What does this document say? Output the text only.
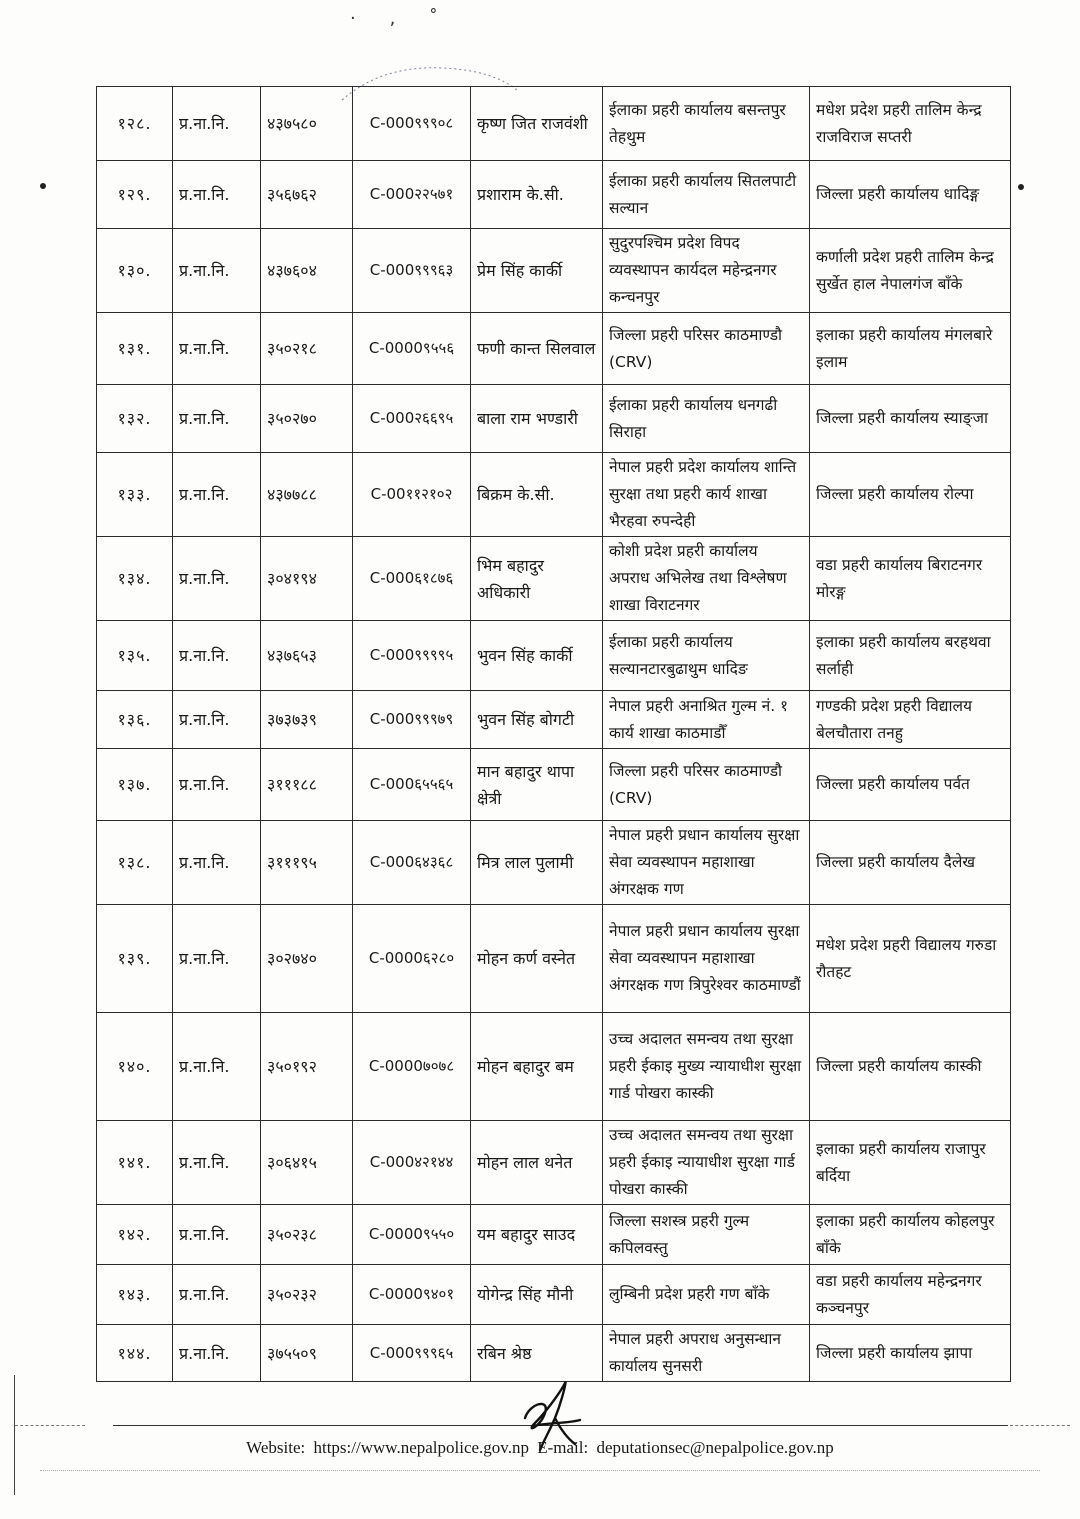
· ‚ ˚
१२८.	प्र.ना.नि.	४३७५८०	C-000९९९०८	कृष्ण जित राजवंशी	ईलाका प्रहरी कार्यालय बसन्तपुर तेहथुम	मधेश प्रदेश प्रहरी तालिम केन्द्र राजविराज सप्तरी
१२९.	प्र.ना.नि.	३५६७६२	C-000२२५७१	प्रशाराम के.सी.	ईलाका प्रहरी कार्यालय सितलपाटी सल्यान	जिल्ला प्रहरी कार्यालय धादिङ्ग
१३०.	प्र.ना.नि.	४३७६०४	C-000९९९६३	प्रेम सिंह कार्की	सुदुरपश्चिम प्रदेश विपद व्यवस्थापन कार्यदल महेन्द्रनगर कन्चनपुर	कर्णाली प्रदेश प्रहरी तालिम केन्द्र सुर्खेत हाल नेपालगंज बाँके
१३१.	प्र.ना.नि.	३५०२१८	C-0000९५५६	फणी कान्त सिलवाल	जिल्ला प्रहरी परिसर काठमाण्डौ (CRV)	इलाका प्रहरी कार्यालय मंगलबारे इलाम
१३२.	प्र.ना.नि.	३५०२७०	C-000२६६९५	बाला राम भण्डारी	ईलाका प्रहरी कार्यालय धनगढी सिराहा	जिल्ला प्रहरी कार्यालय स्याङ्जा
१३३.	प्र.ना.नि.	४३७७८८	C-00११२१०२	बिक्रम के.सी.	नेपाल प्रहरी प्रदेश कार्यालय शान्ति सुरक्षा तथा प्रहरी कार्य शाखा भैरहवा रुपन्देही	जिल्ला प्रहरी कार्यालय रोल्पा
१३४.	प्र.ना.नि.	३०४१९४	C-000६१८७६	भिम बहादुर अधिकारी	कोशी प्रदेश प्रहरी कार्यालय अपराध अभिलेख तथा विश्लेषण शाखा विराटनगर	वडा प्रहरी कार्यालय बिराटनगर मोरङ्ग
१३५.	प्र.ना.नि.	४३७६५३	C-000९९९९५	भुवन सिंह कार्की	ईलाका प्रहरी कार्यालय सल्यानटारबुढाथुम धादिङ	इलाका प्रहरी कार्यालय बरहथवा सर्लाही
१३६.	प्र.ना.नि.	३७३७३९	C-000९९९७९	भुवन सिंह बोगटी	नेपाल प्रहरी अनाश्रित गुल्म नं. १ कार्य शाखा काठमाडौँ	गण्डकी प्रदेश प्रहरी विद्यालय बेलचौतारा तनहु
१३७.	प्र.ना.नि.	३१११८८	C-000६५५६५	मान बहादुर थापा क्षेत्री	जिल्ला प्रहरी परिसर काठमाण्डौ (CRV)	जिल्ला प्रहरी कार्यालय पर्वत
१३८.	प्र.ना.नि.	३१११९५	C-000६४३६८	मित्र लाल पुलामी	नेपाल प्रहरी प्रधान कार्यालय सुरक्षा सेवा व्यवस्थापन महाशाखा अंगरक्षक गण	जिल्ला प्रहरी कार्यालय दैलेख
१३९.	प्र.ना.नि.	३०२७४०	C-0000६२८०	मोहन कर्ण वस्नेत	नेपाल प्रहरी प्रधान कार्यालय सुरक्षा सेवा व्यवस्थापन महाशाखा अंगरक्षक गण त्रिपुरेश्वर काठमाण्डौं	मधेश प्रदेश प्रहरी विद्यालय गरुडा रौतहट
१४०.	प्र.ना.नि.	३५०१९२	C-0000७०७८	मोहन बहादुर बम	उच्च अदालत समन्वय तथा सुरक्षा प्रहरी ईकाइ मुख्य न्यायाधीश सुरक्षा गार्ड पोखरा कास्की	जिल्ला प्रहरी कार्यालय कास्की
१४१.	प्र.ना.नि.	३०६४१५	C-000४२१४४	मोहन लाल थनेत	उच्च अदालत समन्वय तथा सुरक्षा प्रहरी ईकाइ न्यायाधीश सुरक्षा गार्ड पोखरा कास्की	इलाका प्रहरी कार्यालय राजापुर बर्दिया
१४२.	प्र.ना.नि.	३५०२३८	C-0000९५५०	यम बहादुर साउद	जिल्ला सशस्त्र प्रहरी गुल्म कपिलवस्तु	इलाका प्रहरी कार्यालय कोहलपुर बाँके
१४३.	प्र.ना.नि.	३५०२३२	C-0000९४०१	योगेन्द्र सिंह मौनी	लुम्बिनी प्रदेश प्रहरी गण बाँके	वडा प्रहरी कार्यालय महेन्द्रनगर कञ्चनपुर
१४४.	प्र.ना.नि.	३७५५०९	C-000९९९६५	रबिन श्रेष्ठ	नेपाल प्रहरी अपराध अनुसन्धान कार्यालय सुनसरी	जिल्ला प्रहरी कार्यालय झापा
Website: https://www.nepalpolice.gov.np E-mail: deputationsec@nepalpolice.gov.np
